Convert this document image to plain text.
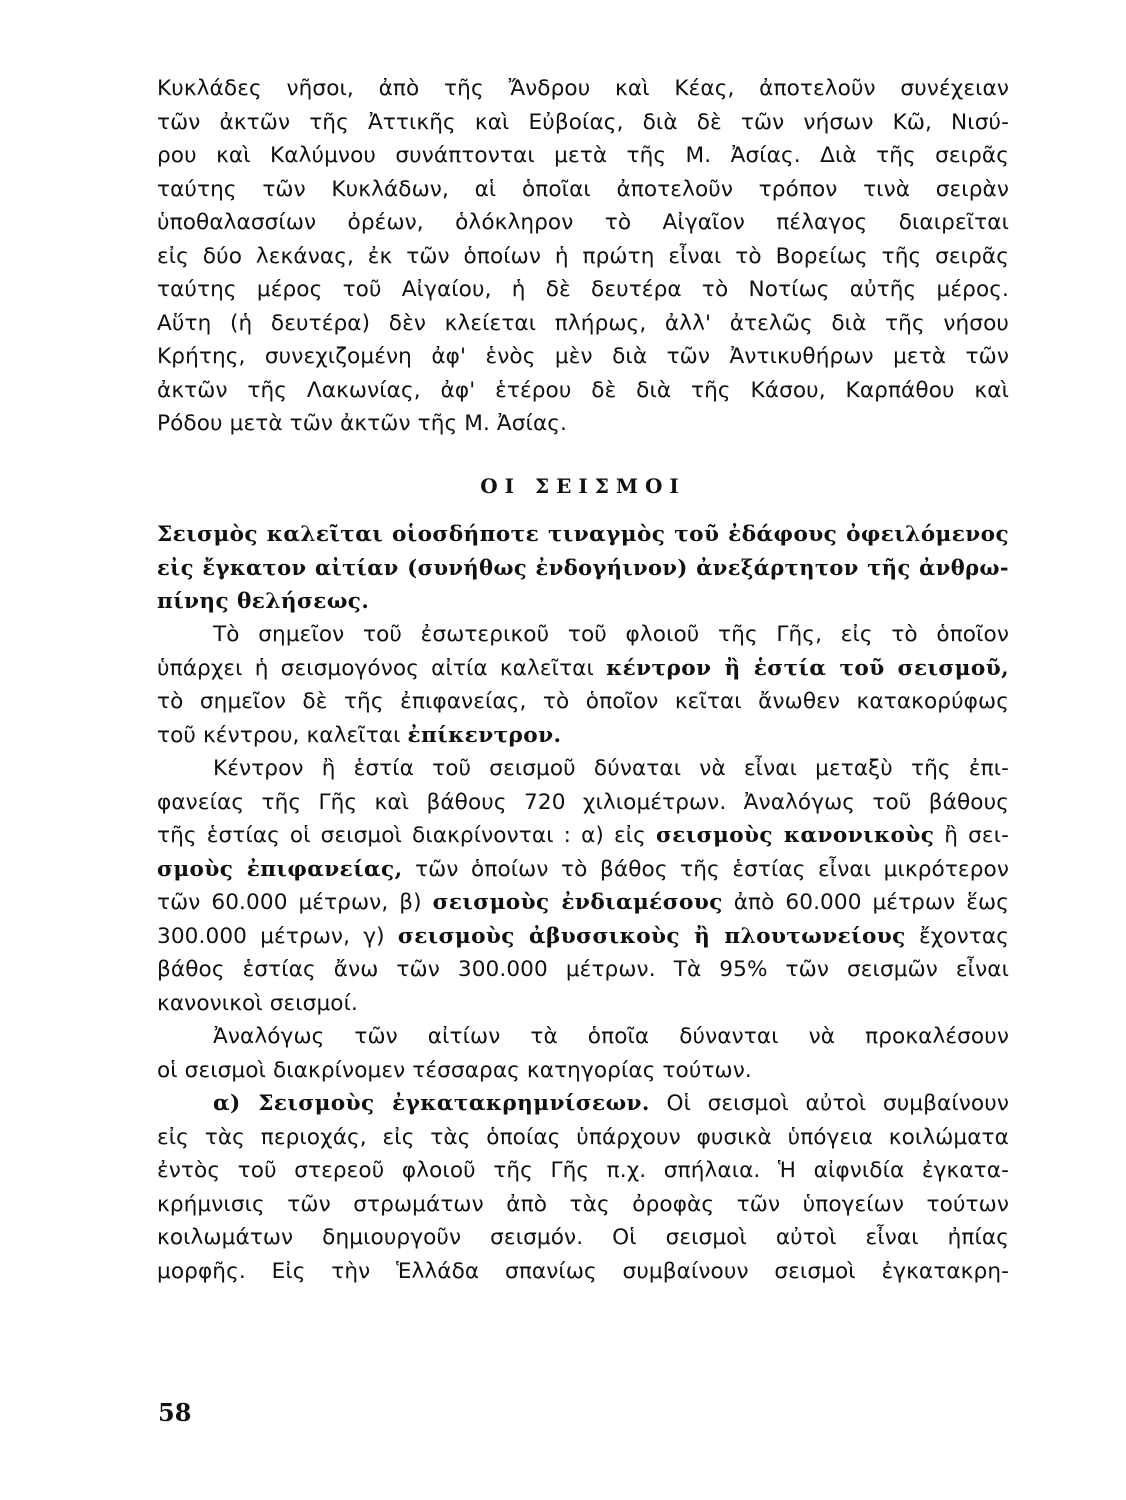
Κυκλάδες νῆσοι, ἀπὸ τῆς Ἄνδρου καὶ Κέας, ἀποτελοῦν συνέχειαν
τῶν ἀκτῶν τῆς Ἀττικῆς καὶ Εὐβοίας, διὰ δὲ τῶν νήσων Κῶ, Νισύ-
ρου καὶ Καλύμνου συνάπτονται μετὰ τῆς Μ. Ἀσίας. Διὰ τῆς σειρᾶς
ταύτης τῶν Κυκλάδων, αἱ ὁποῖαι ἀποτελοῦν τρόπον τινὰ σειρὰν
ὑποθαλασσίων ὀρέων, ὁλόκληρον τὸ Αἰγαῖον πέλαγος διαιρεῖται
εἰς δύο λεκάνας, ἐκ τῶν ὁποίων ἡ πρώτη εἶναι τὸ Βορείως τῆς σειρᾶς
ταύτης μέρος τοῦ Αἰγαίου, ἡ δὲ δευτέρα τὸ Νοτίως αὐτῆς μέρος.
Αὕτη (ἡ δευτέρα) δὲν κλείεται πλήρως, ἀλλ' ἀτελῶς διὰ τῆς νήσου
Κρήτης, συνεχιζομένη ἀφ' ἑνὸς μὲν διὰ τῶν Ἀντικυθήρων μετὰ τῶν
ἀκτῶν τῆς Λακωνίας, ἀφ' ἑτέρου δὲ διὰ τῆς Κάσου, Καρπάθου καὶ
Ρόδου μετὰ τῶν ἀκτῶν τῆς Μ. Ἀσίας.
ΟΙ ΣΕΙΣΜΟΙ
Σεισμὸς καλεῖται οἱοσδήποτε τιναγμὸς τοῦ ἐδάφους ὀφειλόμενος
εἰς ἔγκατον αἰτίαν (συνήθως ἐνδογήινον) ἀνεξάρτητον τῆς ἀνθρω-
πίνης θελήσεως.
Τὸ σημεῖον τοῦ ἐσωτερικοῦ τοῦ φλοιοῦ τῆς Γῆς, εἰς τὸ ὁποῖον
ὑπάρχει ἡ σεισμογόνος αἰτία καλεῖται κέντρον ἢ ἑστία τοῦ σεισμοῦ,
τὸ σημεῖον δὲ τῆς ἐπιφανείας, τὸ ὁποῖον κεῖται ἄνωθεν κατακορύφως
τοῦ κέντρου, καλεῖται ἐπίκεντρον.
Κέντρον ἢ ἑστία τοῦ σεισμοῦ δύναται νὰ εἶναι μεταξὺ τῆς ἐπι-
φανείας τῆς Γῆς καὶ βάθους 720 χιλιομέτρων. Ἀναλόγως τοῦ βάθους
τῆς ἑστίας οἱ σεισμοὶ διακρίνονται : α) εἰς σεισμοὺς κανονικοὺς ἢ σει-
σμοὺς ἐπιφανείας, τῶν ὁποίων τὸ βάθος τῆς ἑστίας εἶναι μικρότερον
τῶν 60.000 μέτρων, β) σεισμοὺς ἐνδιαμέσους ἀπὸ 60.000 μέτρων ἕως
300.000 μέτρων, γ) σεισμοὺς ἀβυσσικοὺς ἢ πλουτωνείους ἔχοντας
βάθος ἑστίας ἄνω τῶν 300.000 μέτρων. Τὰ 95% τῶν σεισμῶν εἶναι
κανονικοὶ σεισμοί.
Ἀναλόγως τῶν αἰτίων τὰ ὁποῖα δύνανται νὰ προκαλέσουν
οἱ σεισμοὶ διακρίνομεν τέσσαρας κατηγορίας τούτων.
α) Σεισμοὺς ἐγκατακρημνίσεων. Οἱ σεισμοὶ αὐτοὶ συμβαίνουν
εἰς τὰς περιοχάς, εἰς τὰς ὁποίας ὑπάρχουν φυσικὰ ὑπόγεια κοιλώματα
ἐντὸς τοῦ στερεοῦ φλοιοῦ τῆς Γῆς π.χ. σπήλαια. Ἡ αἰφνιδία ἐγκατα-
κρήμνισις τῶν στρωμάτων ἀπὸ τὰς ὀροφὰς τῶν ὑπογείων τούτων
κοιλωμάτων δημιουργοῦν σεισμόν. Οἱ σεισμοὶ αὐτοὶ εἶναι ἠπίας
μορφῆς. Εἰς τὴν Ἑλλάδα σπανίως συμβαίνουν σεισμοὶ ἐγκατακρη-
58
